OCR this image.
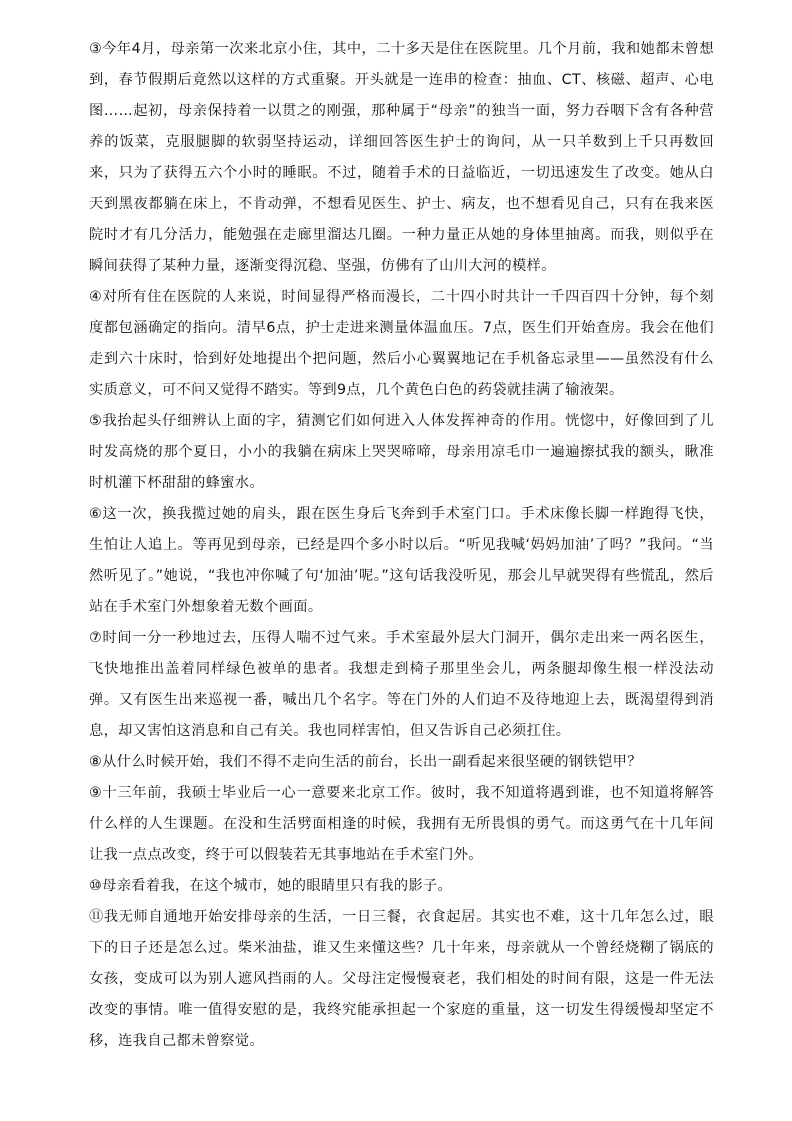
③今年4月，母亲第一次来北京小住，其中，二十多天是住在医院里。几个月前，我和她都未曾想到，春节假期后竟然以这样的方式重聚。开头就是一连串的检查：抽血、CT、核磁、超声、心电图……起初，母亲保持着一以贯之的刚强，那种属于“母亲”的独当一面，努力吞咽下含有各种营养的饭菜，克服腿脚的软弱坚持运动，详细回答医生护士的询问，从一只羊数到上千只再数回来，只为了获得五六个小时的睡眠。不过，随着手术的日益临近，一切迅速发生了改变。她从白天到黑夜都躺在床上，不肯动弹，不想看见医生、护士、病友，也不想看见自己，只有在我来医院时才有几分活力，能勉强在走廊里溜达几圈。一种力量正从她的身体里抽离。而我，则似乎在瞬间获得了某种力量，逐渐变得沉稳、坚强，仿佛有了山川大河的模样。

④对所有住在医院的人来说，时间显得严格而漫长，二十四小时共计一千四百四十分钟，每个刻度都包涵确定的指向。清早6点，护士走进来测量体温血压。7点，医生们开始查房。我会在他们走到六十床时，恰到好处地提出个把问题，然后小心翼翼地记在手机备忘录里——虽然没有什么实质意义，可不问又觉得不踏实。等到9点，几个黄色白色的药袋就挂满了输液架。

⑤我抬起头仔细辨认上面的字，猜测它们如何进入人体发挥神奇的作用。恍惚中，好像回到了儿时发高烧的那个夏日，小小的我躺在病床上哭哭啼啼，母亲用凉毛巾一遍遍擦拭我的额头，瞅准时机灌下杯甜甜的蜂蜜水。

⑥这一次，换我揽过她的肩头，跟在医生身后飞奔到手术室门口。手术床像长脚一样跑得飞快，生怕让人追上。等再见到母亲，已经是四个多小时以后。“听见我喊‘妈妈加油’了吗？”我问。“当然听见了。”她说，“我也冲你喊了句‘加油’呢。”这句话我没听见，那会儿早就哭得有些慌乱，然后站在手术室门外想象着无数个画面。

⑦时间一分一秒地过去，压得人喘不过气来。手术室最外层大门洞开，偶尔走出来一两名医生，飞快地推出盖着同样绿色被单的患者。我想走到椅子那里坐会儿，两条腿却像生根一样没法动弹。又有医生出来巡视一番，喊出几个名字。等在门外的人们迫不及待地迎上去，既渴望得到消息，却又害怕这消息和自己有关。我也同样害怕，但又告诉自己必须扛住。

⑧从什么时候开始，我们不得不走向生活的前台，长出一副看起来很坚硬的钢铁铠甲？

⑨十三年前，我硕士毕业后一心一意要来北京工作。彼时，我不知道将遇到谁，也不知道将解答什么样的人生课题。在没和生活劈面相逢的时候，我拥有无所畏惧的勇气。而这勇气在十几年间让我一点点改变，终于可以假装若无其事地站在手术室门外。

⑩母亲看着我，在这个城市，她的眼睛里只有我的影子。

⑪我无师自通地开始安排母亲的生活，一日三餐，衣食起居。其实也不难，这十几年怎么过，眼下的日子还是怎么过。柴米油盐，谁又生来懂这些？几十年来，母亲就从一个曾经烧糊了锅底的女孩，变成可以为别人遮风挡雨的人。父母注定慢慢衰老，我们相处的时间有限，这是一件无法改变的事情。唯一值得安慰的是，我终究能承担起一个家庭的重量，这一切发生得缓慢却坚定不移，连我自己都未曾察觉。
